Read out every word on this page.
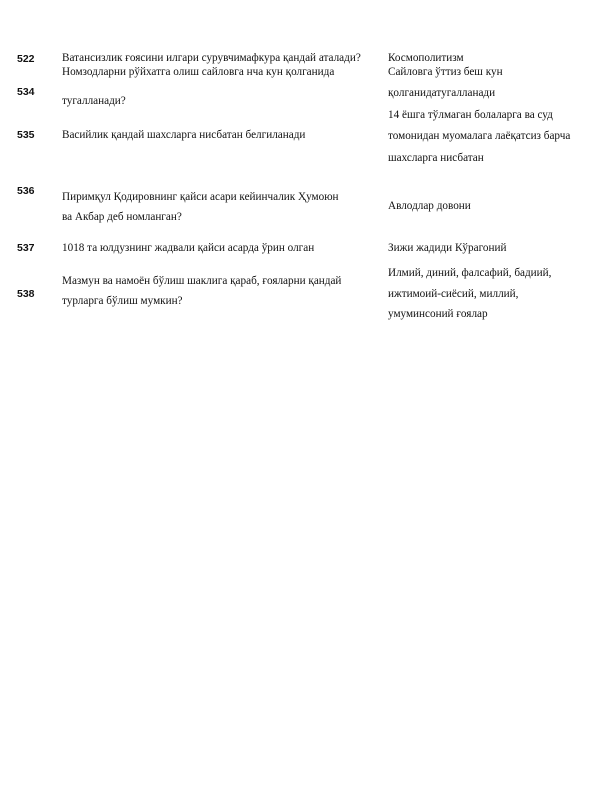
522 Ватансизлик ғоясини илгари сурувчимафкура қандай аталади? Космополитизм
534
Номзодларни рўйхатга олиш сайловга нча кун қолганида
тугалланади?
Сайловга ўттиз беш кун
қолганидатугалланади
535 Васийлик қандай шахсларга нисбатан белгиланади
14 ёшга тўлмаган болаларга ва суд
томонидан муомалага лаёқатсиз барча
шахсларга нисбатан
536 Пиримқул Қодировнинг қайси асари кейинчалик Ҳумоюн
ва Акбар деб номланган?
Авлодлар довони
537 1018 та юлдузнинг жадвали қайси асарда ўрин олган	Зижи жадиди Кўрагоний
538
Мазмун ва намоён бўлиш шаклига қараб, ғояларни қандай
турларга бўлиш мумкин?
Илмий, диний, фалсафий, бадиий,
ижтимоий-сиёсий, миллий,
умуминсоний ғоялар
